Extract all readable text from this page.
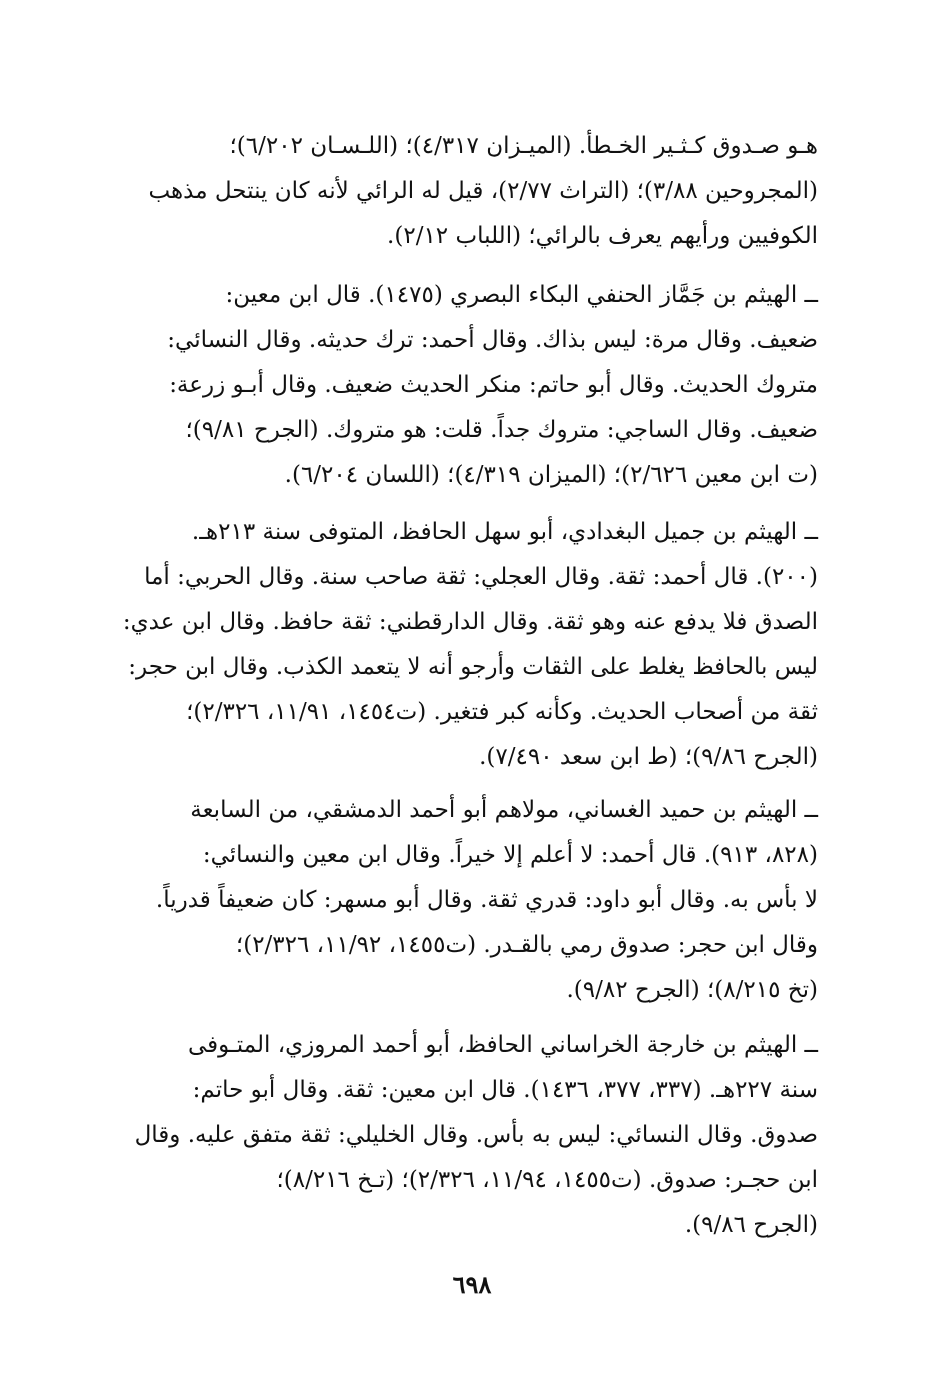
هـو صـدوق كـثـير الخـطأ. (الميـزان ٤/٣١٧)؛ (اللـسـان ٦/٢٠٢)؛
(المجروحين ٣/٨٨)؛ (التراث ٢/٧٧)، قيل له الرائي لأنه كان ينتحل مذهب
الكوفيين ورأيهم يعرف بالرائي؛ (اللباب ٢/١٢).
ــ الهيثم بن جَمَّاز الحنفي البكاء البصري (١٤٧٥). قال ابن معين:
ضعيف. وقال مرة: ليس بذاك. وقال أحمد: ترك حديثه. وقال النسائي:
متروك الحديث. وقال أبو حاتم: منكر الحديث ضعيف. وقال أبـو زرعة:
ضعيف. وقال الساجي: متروك جداً. قلت: هو متروك. (الجرح ٩/٨١)؛
(ت ابن معين ٢/٦٢٦)؛ (الميزان ٤/٣١٩)؛ (اللسان ٦/٢٠٤).
ــ الهيثم بن جميل البغدادي، أبو سهل الحافظ، المتوفى سنة ٢١٣هـ.
(٢٠٠). قال أحمد: ثقة. وقال العجلي: ثقة صاحب سنة. وقال الحربي: أما
الصدق فلا يدفع عنه وهو ثقة. وقال الدارقطني: ثقة حافظ. وقال ابن عدي:
ليس بالحافظ يغلط على الثقات وأرجو أنه لا يتعمد الكذب. وقال ابن حجر:
ثقة من أصحاب الحديث. وكأنه كبر فتغير. (ت١٤٥٤، ١١/٩١، ٢/٣٢٦)؛
(الجرح ٩/٨٦)؛ (ط ابن سعد ٧/٤٩٠).
ــ الهيثم بن حميد الغساني، مولاهم أبو أحمد الدمشقي، من السابعة
(٨٢٨، ٩١٣). قال أحمد: لا أعلم إلا خيراً. وقال ابن معين والنسائي:
لا بأس به. وقال أبو داود: قدري ثقة. وقال أبو مسهر: كان ضعيفاً قدرياً.
وقال ابن حجر: صدوق رمي بالقـدر. (ت١٤٥٥، ١١/٩٢، ٢/٣٢٦)؛
(تخ ٨/٢١٥)؛ (الجرح ٩/٨٢).
ــ الهيثم بن خارجة الخراساني الحافظ، أبو أحمد المروزي، المتـوفى
سنة ٢٢٧هـ. (٣٣٧، ٣٧٧، ١٤٣٦). قال ابن معين: ثقة. وقال أبو حاتم:
صدوق. وقال النسائي: ليس به بأس. وقال الخليلي: ثقة متفق عليه. وقال
ابن حجـر: صدوق. (ت١٤٥٥، ١١/٩٤، ٢/٣٢٦)؛ (تـخ ٨/٢١٦)؛
(الجرح ٩/٨٦).
٦٩٨
